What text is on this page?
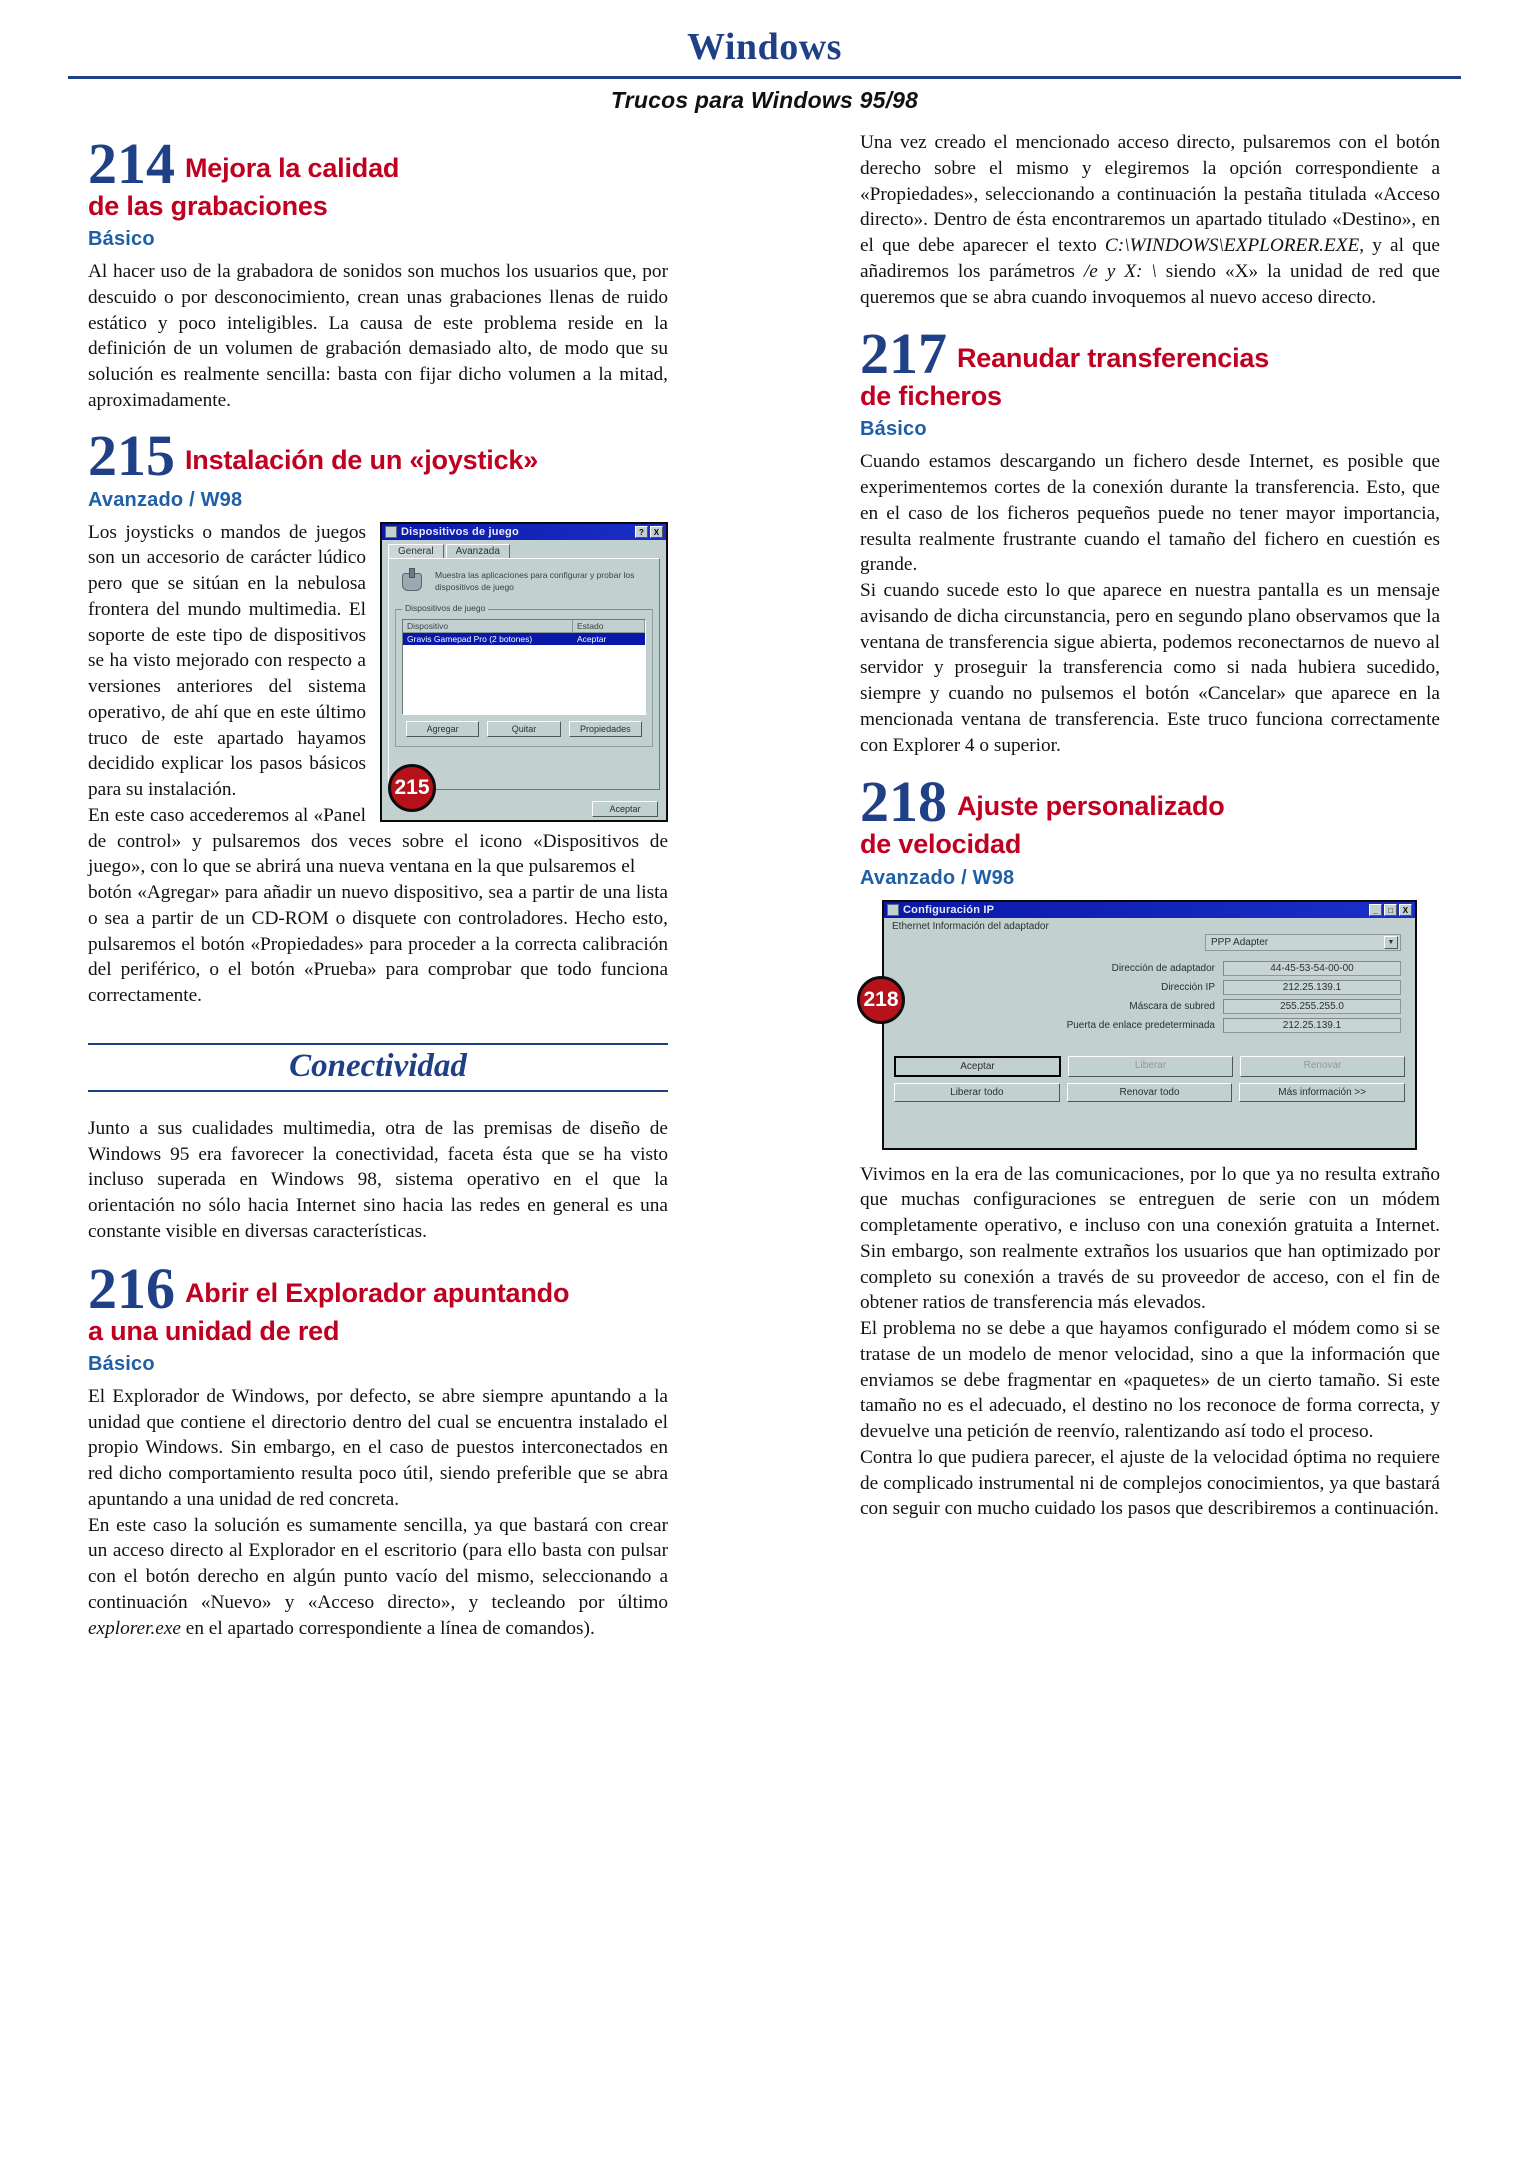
Windows
Trucos para Windows 95/98
214 Mejora la calidad
de las grabaciones
Básico

Al hacer uso de la grabadora de sonidos son muchos los usuarios que, por descuido o por desconocimiento, crean unas grabaciones llenas de ruido estático y poco inteligibles. La causa de este problema reside en la definición de un volumen de grabación demasiado alto, de modo que su solución es realmente sencilla: basta con fijar dicho volumen a la mitad, aproximadamente.

215 Instalación de un «joystick»
Avanzado / W98
Dispositivos de juego	?	X
General	Avanzada
Muestra las aplicaciones para configurar y probar los dispositivos de juego
Dispositivos de juego
Dispositivo	Estado
Gravis Gamepad Pro (2 botones)	Aceptar
Agregar	Quitar	Propiedades
Aceptar
215

Los joysticks o mandos de juegos son un accesorio de carácter lúdico pero que se sitúan en la nebulosa frontera del mundo multimedia. El soporte de este tipo de dispositivos se ha visto mejorado con respecto a versiones anteriores del sistema operativo, de ahí que en este último truco de este apartado hayamos decidido explicar los pasos básicos para su instalación.

En este caso accederemos al «Panel de control» y pulsaremos dos veces sobre el icono «Dispositivos de juego», con lo que se abrirá una nueva ventana en la que pulsaremos el

botón «Agregar» para añadir un nuevo dispositivo, sea a partir de una lista o sea a partir de un CD-ROM o disquete con controladores. Hecho esto, pulsaremos el botón «Propiedades» para proceder a la correcta calibración del periférico, o el botón «Prueba» para comprobar que todo funciona correctamente.

Conectividad

Junto a sus cualidades multimedia, otra de las premisas de diseño de Windows 95 era favorecer la conectividad, faceta ésta que se ha visto incluso superada en Windows 98, sistema operativo en el que la orientación no sólo hacia Internet sino hacia las redes en general es una constante visible en diversas características.

216 Abrir el Explorador apuntando
a una unidad de red
Básico

El Explorador de Windows, por defecto, se abre siempre apuntando a la unidad que contiene el directorio dentro del cual se encuentra instalado el propio Windows. Sin embargo, en el caso de puestos interconectados en red dicho comportamiento resulta poco útil, siendo preferible que se abra apuntando a una unidad de red concreta.

En este caso la solución es sumamente sencilla, ya que bastará con crear un acceso directo al Explorador en el escritorio (para ello basta con pulsar con el botón derecho en algún punto vacío del mismo, seleccionando a continuación «Nuevo» y «Acceso directo», y tecleando por último explorer.exe en el apartado correspondiente a línea de comandos).

Una vez creado el mencionado acceso directo, pulsaremos con el botón derecho sobre el mismo y elegiremos la opción correspondiente a «Propiedades», seleccionando a continuación la pestaña titulada «Acceso directo». Dentro de ésta encontraremos un apartado titulado «Destino», en el que debe aparecer el texto C:\WINDOWS\EXPLORER.EXE, y al que añadiremos los parámetros /e y X: \ siendo «X» la unidad de red que queremos que se abra cuando invoquemos al nuevo acceso directo.

217 Reanudar transferencias
de ficheros
Básico

Cuando estamos descargando un fichero desde Internet, es posible que experimentemos cortes de la conexión durante la transferencia. Esto, que en el caso de los ficheros pequeños puede no tener mayor importancia, resulta realmente frustrante cuando el tamaño del fichero en cuestión es grande.

Si cuando sucede esto lo que aparece en nuestra pantalla es un mensaje avisando de dicha circunstancia, pero en segundo plano observamos que la ventana de transferencia sigue abierta, podemos reconectarnos de nuevo al servidor y proseguir la transferencia como si nada hubiera sucedido, siempre y cuando no pulsemos el botón «Cancelar» que aparece en la mencionada ventana de transferencia. Este truco funciona correctamente con Explorer 4 o superior.

218 Ajuste personalizado
de velocidad
Avanzado / W98
Configuración IP	_	□	X
Ethernet Información del adaptador
PPP Adapter	▼
Dirección de adaptador	44-45-53-54-00-00
Dirección IP	212.25.139.1
Máscara de subred	255.255.255.0
Puerta de enlace predeterminada	212.25.139.1
Aceptar	Liberar	Renovar
Liberar todo	Renovar todo	Más información >>
218

Vivimos en la era de las comunicaciones, por lo que ya no resulta extraño que muchas configuraciones se entreguen de serie con un módem completamente operativo, e incluso con una conexión gratuita a Internet. Sin embargo, son realmente extraños los usuarios que han optimizado por completo su conexión a través de su proveedor de acceso, con el fin de obtener ratios de transferencia más elevados.

El problema no se debe a que hayamos configurado el módem como si se tratase de un modelo de menor velocidad, sino a que la información que enviamos se debe fragmentar en «paquetes» de un cierto tamaño. Si este tamaño no es el adecuado, el destino no los reconoce de forma correcta, y devuelve una petición de reenvío, ralentizando así todo el proceso.

Contra lo que pudiera parecer, el ajuste de la velocidad óptima no requiere de complicado instrumental ni de complejos conocimientos, ya que bastará con seguir con mucho cuidado los pasos que describiremos a continuación.
